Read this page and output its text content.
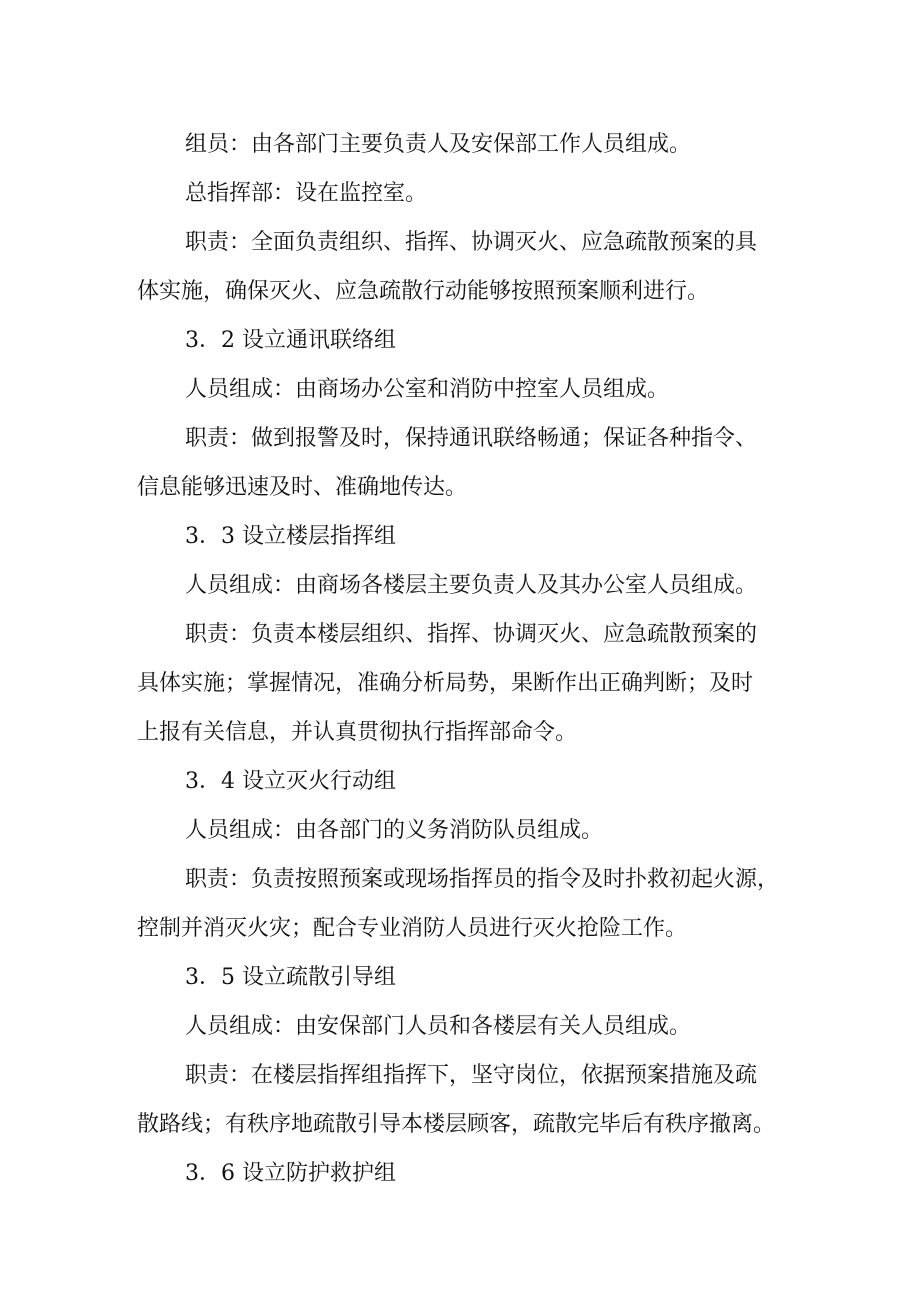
组员：由各部门主要负责人及安保部工作人员组成。
总指挥部：设在监控室。
职责：全面负责组织、指挥、协调灭火、应急疏散预案的具
体实施，确保灭火、应急疏散行动能够按照预案顺利进行。
3．2 设立通讯联络组
人员组成：由商场办公室和消防中控室人员组成。
职责：做到报警及时，保持通讯联络畅通；保证各种指令、
信息能够迅速及时、准确地传达。
3．3 设立楼层指挥组
人员组成：由商场各楼层主要负责人及其办公室人员组成。
职责：负责本楼层组织、指挥、协调灭火、应急疏散预案的
具体实施；掌握情况，准确分析局势，果断作出正确判断；及时
上报有关信息，并认真贯彻执行指挥部命令。
3．4 设立灭火行动组
人员组成：由各部门的义务消防队员组成。
职责：负责按照预案或现场指挥员的指令及时扑救初起火源，
控制并消灭火灾；配合专业消防人员进行灭火抢险工作。
3．5 设立疏散引导组
人员组成：由安保部门人员和各楼层有关人员组成。
职责：在楼层指挥组指挥下，坚守岗位，依据预案措施及疏
散路线；有秩序地疏散引导本楼层顾客，疏散完毕后有秩序撤离。
3．6 设立防护救护组
